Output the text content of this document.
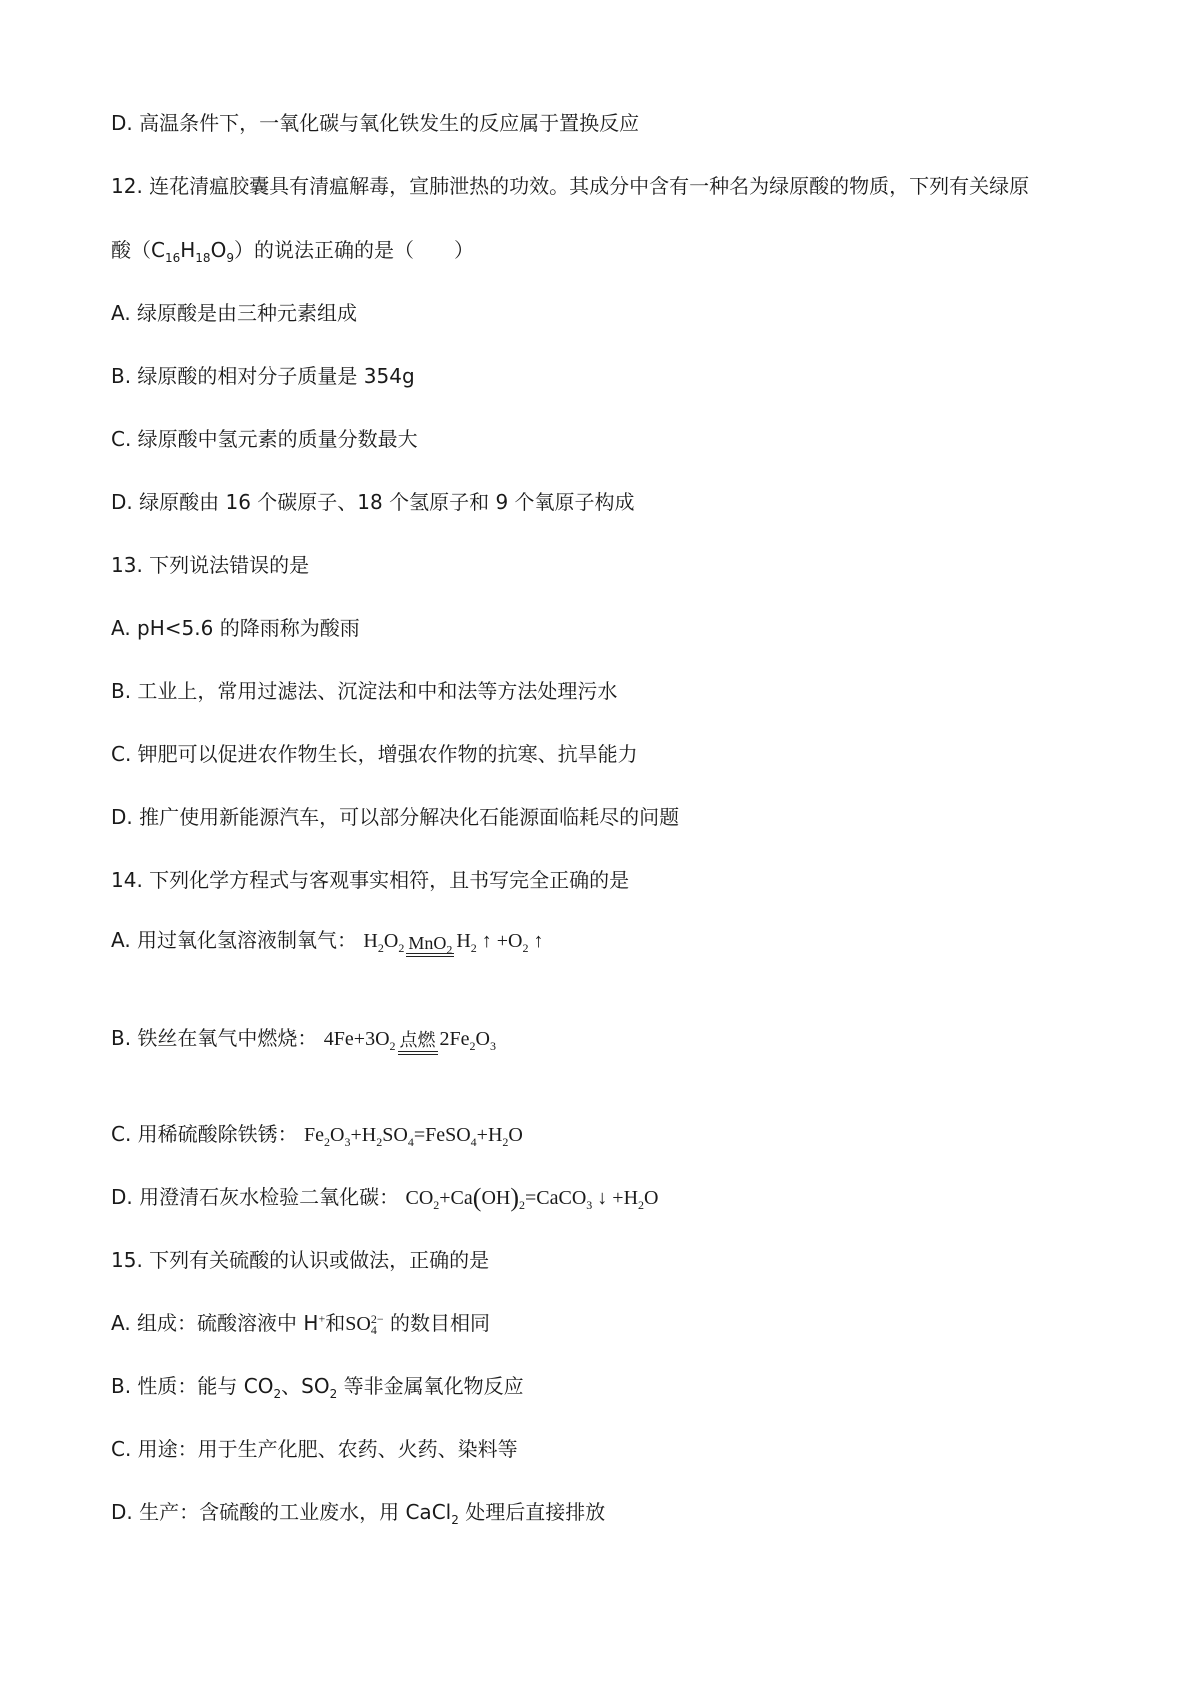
D. 高温条件下，一氧化碳与氧化铁发生的反应属于置换反应
12. 连花清瘟胶囊具有清瘟解毒，宣肺泄热的功效。其成分中含有一种名为绿原酸的物质，下列有关绿原
酸$(C_{16}H_{18}O_9)$的说法正确的是（　　）
A. 绿原酸是由三种元素组成
B. 绿原酸的相对分子质量是 354g
C. 绿原酸中氢元素的质量分数最大
D. 绿原酸由 16 个碳原子、18 个氢原子和 9 个氧原子构成
13. 下列说法错误的是
A. pH<5.6 的降雨称为酸雨
B. 工业上，常用过滤法、沉淀法和中和法等方法处理污水
C. 钾肥可以促进农作物生长，增强农作物的抗寒、抗旱能力
D. 推广使用新能源汽车，可以部分解决化石能源面临耗尽的问题
14. 下列化学方程式与客观事实相符，且书写完全正确的是
A. 用过氧化氢溶液制氧气： $H_2O_2$ MnO$_2$ $H_2$ ↑ $+O_2$ ↑
B. 铁丝在氧气中燃烧： $4Fe+3O_2$ 点燃 $2Fe_2O_3$
C. 用稀硫酸除铁锈： $Fe_2O_3+H_2SO_4=FeSO_4+H_2O$
D. 用澄清石灰水检验二氧化碳： $CO_2+Ca(OH)_2=CaCO_3$ ↓ $+H_2O$
15. 下列有关硫酸的认识或做法，正确的是
A. 组成：硫酸溶液中 H+和SO 2−
4 的数目相同
B. 性质：能与 $CO_2$、$SO_2$ 等非金属氧化物反应
C. 用途：用于生产化肥、农药、火药、染料等
D. 生产：含硫酸的工业废水，用 CaCl$_2$ 处理后直接排放
